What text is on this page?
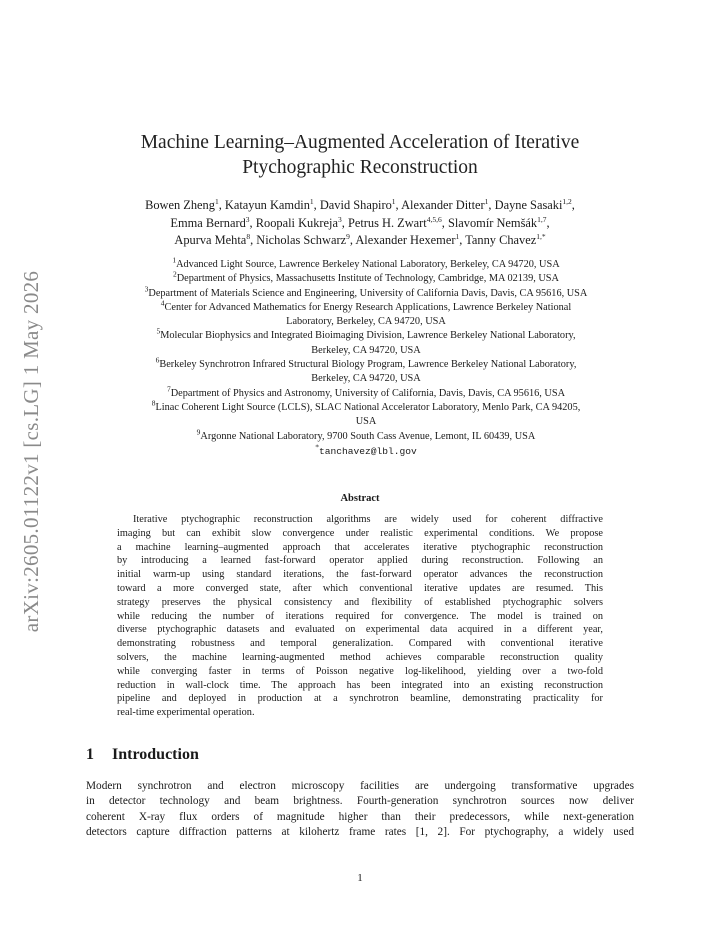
arXiv:2605.01122v1 [cs.LG] 1 May 2026
Machine Learning–Augmented Acceleration of Iterative
Ptychographic Reconstruction
Bowen Zheng$^1$, Katayun Kamdin$^1$, David Shapiro$^1$, Alexander Ditter$^1$, Dayne Sasaki$^{1,2}$,
Emma Bernard$^3$, Roopali Kukreja$^3$, Petrus H. Zwart$^{4,5,6}$, Slavomír Nemšák$^{1,7}$,
Apurva Mehta$^8$, Nicholas Schwarz$^9$, Alexander Hexemer$^1$, Tanny Chavez$^{1,*}$
$^1$Advanced Light Source, Lawrence Berkeley National Laboratory, Berkeley, CA 94720, USA
$^2$Department of Physics, Massachusetts Institute of Technology, Cambridge, MA 02139, USA
$^3$Department of Materials Science and Engineering, University of California Davis, Davis, CA 95616, USA
$^4$Center for Advanced Mathematics for Energy Research Applications, Lawrence Berkeley National
Laboratory, Berkeley, CA 94720, USA
$^5$Molecular Biophysics and Integrated Bioimaging Division, Lawrence Berkeley National Laboratory,
Berkeley, CA 94720, USA
$^6$Berkeley Synchrotron Infrared Structural Biology Program, Lawrence Berkeley National Laboratory,
Berkeley, CA 94720, USA
$^7$Department of Physics and Astronomy, University of California, Davis, Davis, CA 95616, USA
$^8$Linac Coherent Light Source (LCLS), SLAC National Accelerator Laboratory, Menlo Park, CA 94205,
USA
$^9$Argonne National Laboratory, 9700 South Cass Avenue, Lemont, IL 60439, USA
*tanchavez@lbl.gov
Abstract
Iterative ptychographic reconstruction algorithms are widely used for coherent diffractive
imaging but can exhibit slow convergence under realistic experimental conditions. We propose
a machine learning–augmented approach that accelerates iterative ptychographic reconstruction
by introducing a learned fast-forward operator applied during reconstruction. Following an
initial warm-up using standard iterations, the fast-forward operator advances the reconstruction
toward a more converged state, after which conventional iterative updates are resumed. This
strategy preserves the physical consistency and flexibility of established ptychographic solvers
while reducing the number of iterations required for convergence. The model is trained on
diverse ptychographic datasets and evaluated on experimental data acquired in a different year,
demonstrating robustness and temporal generalization. Compared with conventional iterative
solvers, the machine learning-augmented method achieves comparable reconstruction quality
while converging faster in terms of Poisson negative log-likelihood, yielding over a two-fold
reduction in wall-clock time. The approach has been integrated into an existing reconstruction
pipeline and deployed in production at a synchrotron beamline, demonstrating practicality for
real-time experimental operation.
1 Introduction
Modern synchrotron and electron microscopy facilities are undergoing transformative upgrades
in detector technology and beam brightness. Fourth-generation synchrotron sources now deliver
coherent X-ray flux orders of magnitude higher than their predecessors, while next-generation
detectors capture diffraction patterns at kilohertz frame rates [1, 2]. For ptychography, a widely used
1
